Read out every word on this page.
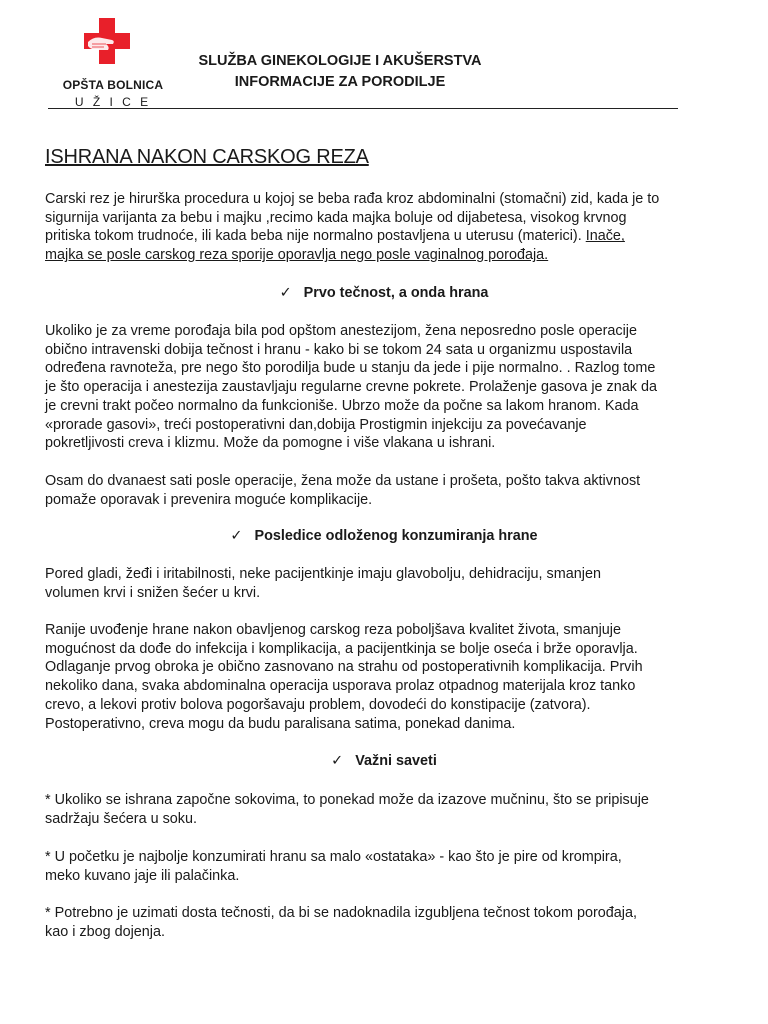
OPŠTA BOLNICA
U Ž I C E
SLUŽBA GINEKOLOGIJE I AKUŠERSTVA
INFORMACIJE ZA PORODILJE
ISHRANA NAKON CARSKOG REZA
Carski rez je hirurška procedura u kojoj se beba rađa kroz abdominalni (stomačni) zid, kada je to
sigurnija varijanta za bebu i majku ,recimo kada majka boluje od dijabetesa, visokog krvnog
pritiska tokom trudnoće, ili kada beba nije normalno postavljena u uterusu (materici). Inače,
majka se posle carskog reza sporije oporavlja nego posle vaginalnog porođaja.
✓ Prvo tečnost, a onda hrana
Ukoliko je za vreme porođaja bila pod opštom anestezijom, žena neposredno posle operacije
obično intravenski dobija tečnost i hranu - kako bi se tokom 24 sata u organizmu uspostavila
određena ravnoteža, pre nego što porodilja bude u stanju da jede i pije normalno. . Razlog tome
je što operacija i anestezija zaustavljaju regularne crevne pokrete. Prolaženje gasova je znak da
je crevni trakt počeo normalno da funkcioniše. Ubrzo može da počne sa lakom hranom. Kada
«prorade gasovi», treći postoperativni dan,dobija Prostigmin injekciju za povećavanje
pokretljivosti creva i klizmu. Može da pomogne i više vlakana u ishrani.
Osam do dvanaest sati posle operacije, žena može da ustane i prošeta, pošto takva aktivnost
pomaže oporavak i prevenira moguće komplikacije.
✓ Posledice odloženog konzumiranja hrane
Pored gladi, žeđi i iritabilnosti, neke pacijentkinje imaju glavobolju, dehidraciju, smanjen
volumen krvi i snižen šećer u krvi.
Ranije uvođenje hrane nakon obavljenog carskog reza poboljšava kvalitet života, smanjuje
mogućnost da dođe do infekcija i komplikacija, a pacijentkinja se bolje oseća i brže oporavlja.
Odlaganje prvog obroka je obično zasnovano na strahu od postoperativnih komplikacija. Prvih
nekoliko dana, svaka abdominalna operacija usporava prolaz otpadnog materijala kroz tanko
crevo, a lekovi protiv bolova pogoršavaju problem, dovodeći do konstipacije (zatvora).
Postoperativno, creva mogu da budu paralisana satima, ponekad danima.
✓ Važni saveti
* Ukoliko se ishrana započne sokovima, to ponekad može da izazove mučninu, što se pripisuje
sadržaju šećera u soku.
* U početku je najbolje konzumirati hranu sa malo «ostataka» - kao što je pire od krompira,
meko kuvano jaje ili palačinka.
* Potrebno je uzimati dosta tečnosti, da bi se nadoknadila izgubljena tečnost tokom porođaja,
kao i zbog dojenja.
